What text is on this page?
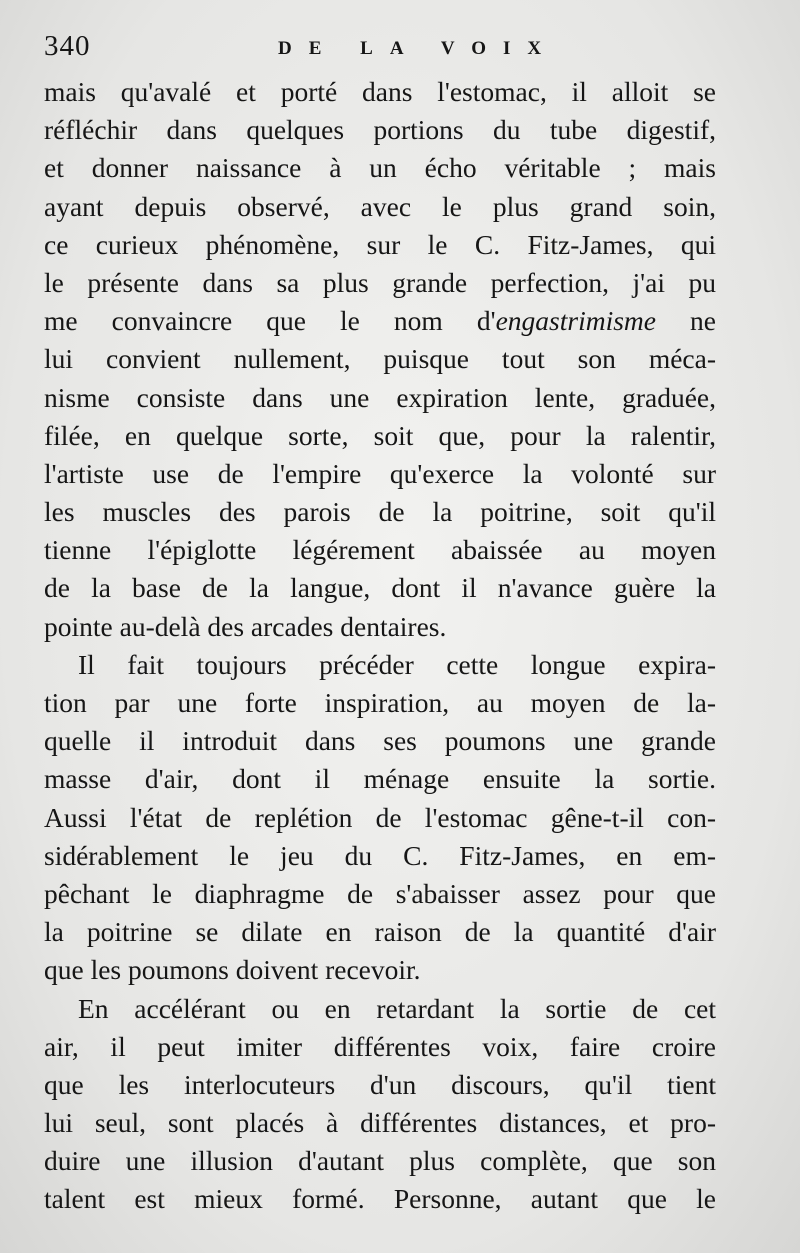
340	DE LA VOIX
mais qu'avalé et porté dans l'estomac, il alloit se
réfléchir dans quelques portions du tube digestif,
et donner naissance à un écho véritable ; mais
ayant depuis observé, avec le plus grand soin,
ce curieux phénomène, sur le C. Fitz-James, qui
le présente dans sa plus grande perfection, j'ai pu
me convaincre que le nom d'engastrimisme ne
lui convient nullement, puisque tout son méca-
nisme consiste dans une expiration lente, graduée,
filée, en quelque sorte, soit que, pour la ralentir,
l'artiste use de l'empire qu'exerce la volonté sur
les muscles des parois de la poitrine, soit qu'il
tienne l'épiglotte légérement abaissée au moyen
de la base de la langue, dont il n'avance guère la
pointe au-delà des arcades dentaires.
Il fait toujours précéder cette longue expira-
tion par une forte inspiration, au moyen de la-
quelle il introduit dans ses poumons une grande
masse d'air, dont il ménage ensuite la sortie.
Aussi l'état de replétion de l'estomac gêne-t-il con-
sidérablement le jeu du C. Fitz-James, en em-
pêchant le diaphragme de s'abaisser assez pour que
la poitrine se dilate en raison de la quantité d'air
que les poumons doivent recevoir.
En accélérant ou en retardant la sortie de cet
air, il peut imiter différentes voix, faire croire
que les interlocuteurs d'un discours, qu'il tient
lui seul, sont placés à différentes distances, et pro-
duire une illusion d'autant plus complète, que son
talent est mieux formé. Personne, autant que le
